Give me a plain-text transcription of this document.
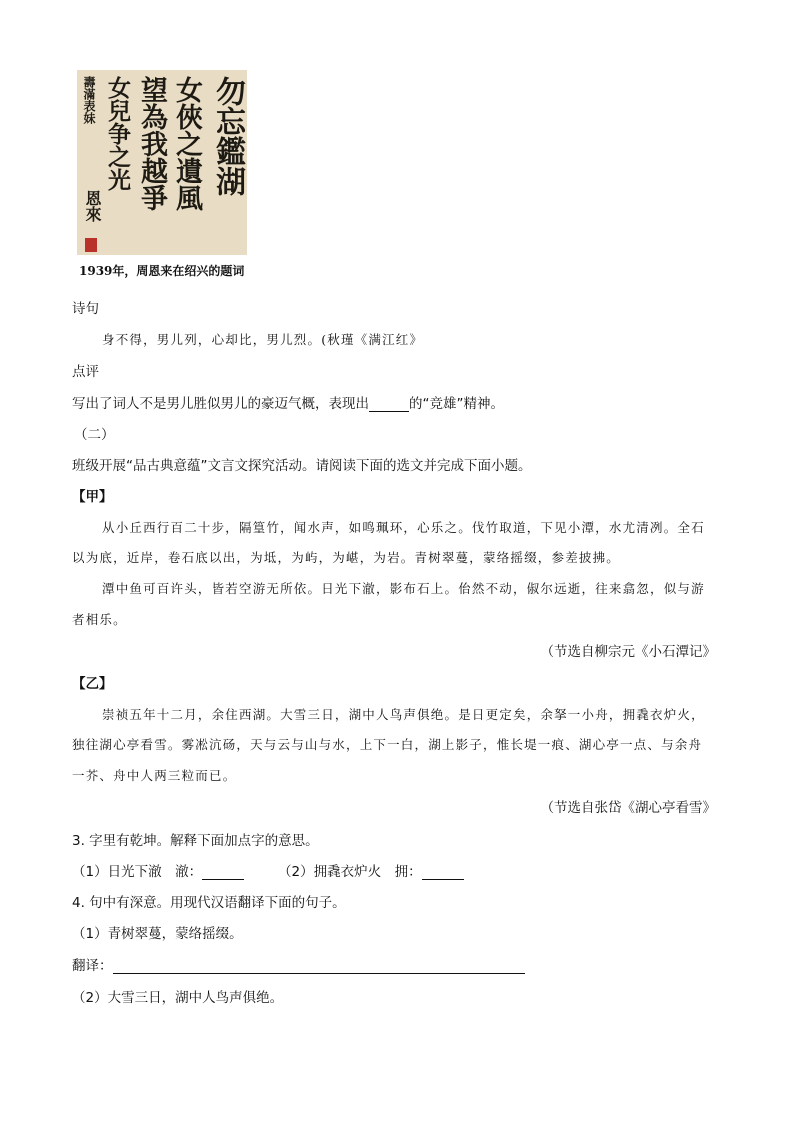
勿忘鑑湖
女俠之遺風
望為我越爭
女兒争之光
壽滿表妹
恩來
1939年，周恩来在绍兴的题词
诗句
身不得，男儿列，心却比，男儿烈。(秋瑾《满江红》
点评
写出了词人不是男儿胜似男儿的豪迈气概，表现出	的“竞雄”精神。
（二）
班级开展“品古典意蕴”文言文探究活动。请阅读下面的选文并完成下面小题。
【甲】
从小丘西行百二十步，隔篁竹，闻水声，如鸣珮环，心乐之。伐竹取道，下见小潭，水尤清冽。全石
以为底，近岸，卷石底以出，为坻，为屿，为嵁，为岩。青树翠蔓，蒙络摇缀，参差披拂。
潭中鱼可百许头，皆若空游无所依。日光下澈，影布石上。佁然不动，俶尔远逝，往来翕忽，似与游
者相乐。
（节选自柳宗元《小石潭记》
【乙】
崇祯五年十二月，余住西湖。大雪三日，湖中人鸟声俱绝。是日更定矣，余拏一小舟，拥毳衣炉火，
独往湖心亭看雪。雾凇沆砀，天与云与山与水，上下一白，湖上影子，惟长堤一痕、湖心亭一点、与余舟
一芥、舟中人两三粒而已。
（节选自张岱《湖心亭看雪》
3. 字里有乾坤。解释下面加点字的意思。
（1）日光下澈　澈：	（2）拥毳衣炉火　拥：
4. 句中有深意。用现代汉语翻译下面的句子。
（1）青树翠蔓，蒙络摇缀。
翻译：
（2）大雪三日，湖中人鸟声俱绝。
